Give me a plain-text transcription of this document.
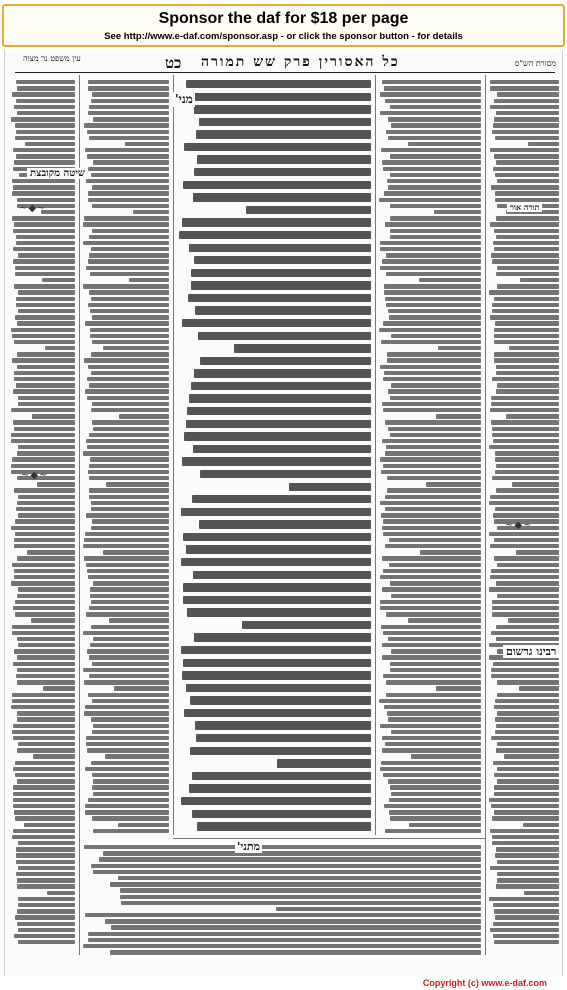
Sponsor the daf for $18 per page
See http://www.e-daf.com/sponsor.asp - or click the sponsor button - for details
כל האסורין פרק שש תמורה
כט	מסורת הש"ס
עין משפט נר מצוה
שיטה מקובצת
תורה אור
רבינו גרשום
מני'
מתני'
~◆~
~◆~
~◆~
Copyright (c) www.e-daf.com
